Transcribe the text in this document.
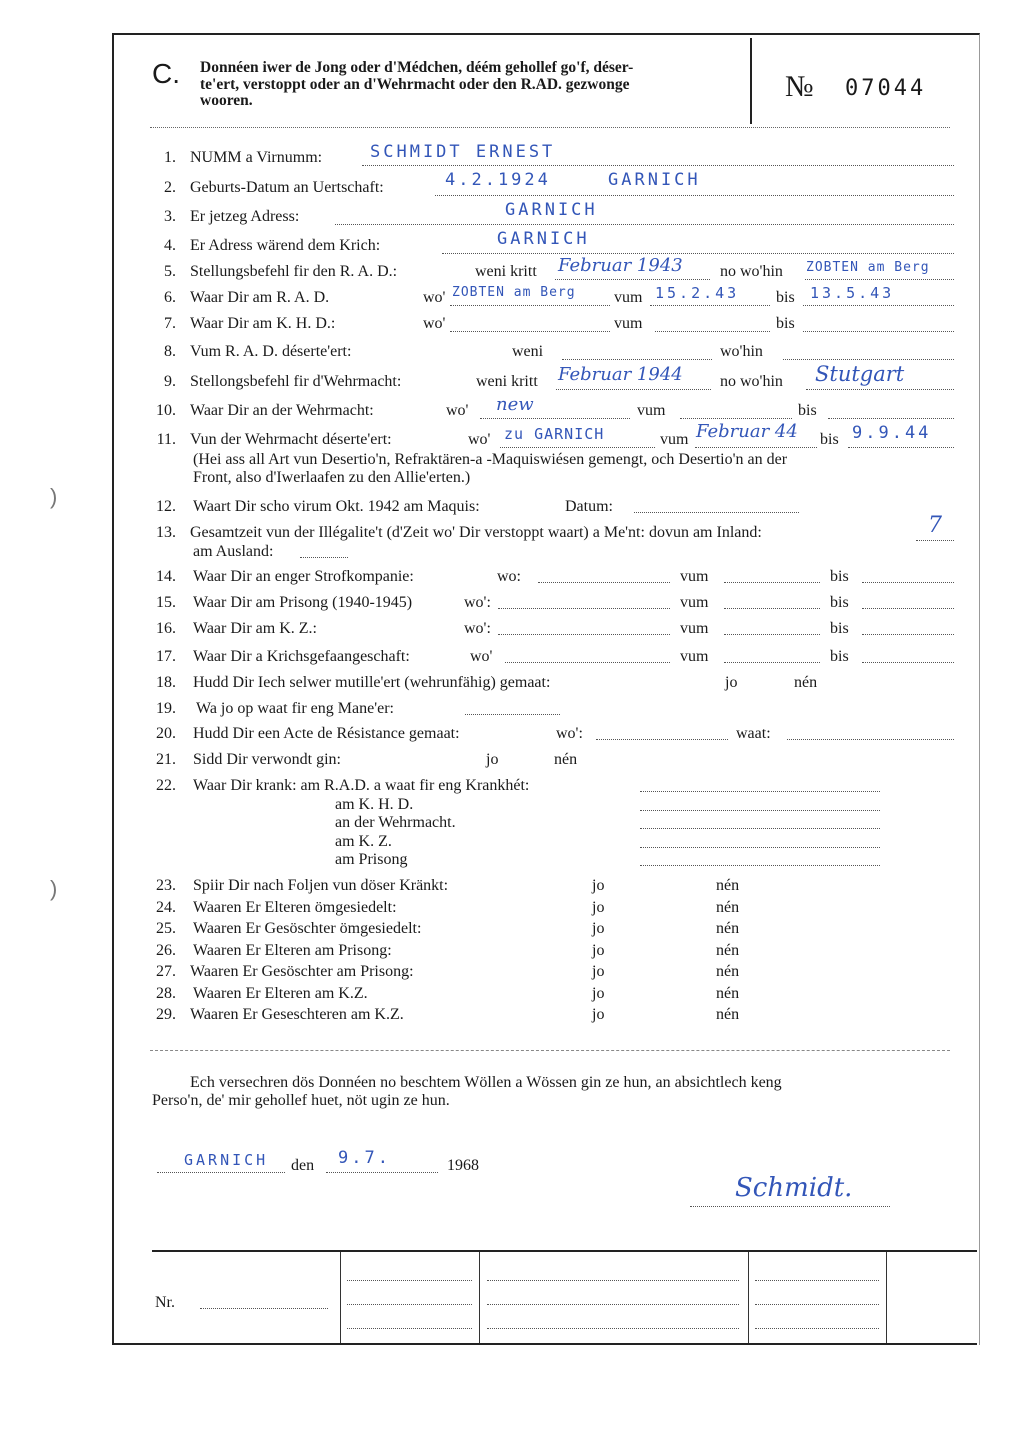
)
)
C. Donnéen iwer de Jong oder d'Médchen, déém gehollef go'f, déser-
te'ert, verstoppt oder an d'Wehrmacht oder den R.AD. gezwonge
wooren.	№ 07044
1. NUMM a Virnumm:	SCHMIDT ERNEST
2. Geburts-Datum an Uertschaft:	4.2.1924	GARNICH
3. Er jetzeg Adress:	GARNICH
4. Er Adress wärend dem Krich:	GARNICH
5. Stellungsbefehl fir den R. A. D.:	weni kritt Februar 1943 no wo'hin ZOBTEN am Berg
6. Waar Dir am R. A. D.	wo' ZOBTEN am Berg vum 15.2.43 bis 13.5.43
7. Waar Dir am K. H. D.:	wo'	vum	bis
8. Vum R. A. D. déserte'ert:	weni	wo'hin
9. Stellongsbefehl fir d'Wehrmacht:	weni kritt Februar 1944 no wo'hin Stutgart
10. Waar Dir an der Wehrmacht:	wo' new	vum	bis
11. Vun der Wehrmacht déserte'ert:	wo' zu GARNICH	vum Februar 44 bis 9.9.44
(Hei ass all Art vun Desertio'n, Refraktären-a -Maquiswiésen gemengt, och Desertio'n an der
Front, also d'Iwerlaafen zu den Allie'erten.)
12. Waart Dir scho virum Okt. 1942 am Maquis:	Datum:
13. Gesamtzeit vun der Illégalite't (d'Zeit wo' Dir verstoppt waart) a Me'nt: dovun am Inland:	7
am Ausland:
14. Waar Dir an enger Strofkompanie:	wo:	vum	bis
15. Waar Dir am Prisong (1940-1945)	wo':	vum	bis
16. Waar Dir am K. Z.:	wo':	vum	bis
17. Waar Dir a Krichsgefaangeschaft:	wo'	vum	bis
18. Hudd Dir Iech selwer mutille'ert (wehrunfähig) gemaat:	jo	nén
19. Wa jo op waat fir eng Mane'er:
20. Hudd Dir een Acte de Résistance gemaat:	wo':	waat:
21. Sidd Dir verwondt gin:	jo	nén
22. Waar Dir krank: am R.A.D. a waat fir eng Krankhét:
am K. H. D.
an der Wehrmacht.
am K. Z.
am Prisong
23. Spiir Dir nach Foljen vun döser Kränkt:	jo	nén
24. Waaren Er Elteren ömgesiedelt:	jo	nén
25. Waaren Er Gesöschter ömgesiedelt:	jo	nén
26. Waaren Er Elteren am Prisong:	jo	nén
27. Waaren Er Gesöschter am Prisong:	jo	nén
28. Waaren Er Elteren am K.Z.	jo	nén
29. Waaren Er Geseschteren am K.Z.	jo	nén
Ech versechren dös Donnéen no beschtem Wöllen a Wössen gin ze hun, an absichtlech keng
Perso'n, de' mir gehollef huet, nöt ugin ze hun.
GARNICH den 9.7.	1968
Schmidt.
Nr.
